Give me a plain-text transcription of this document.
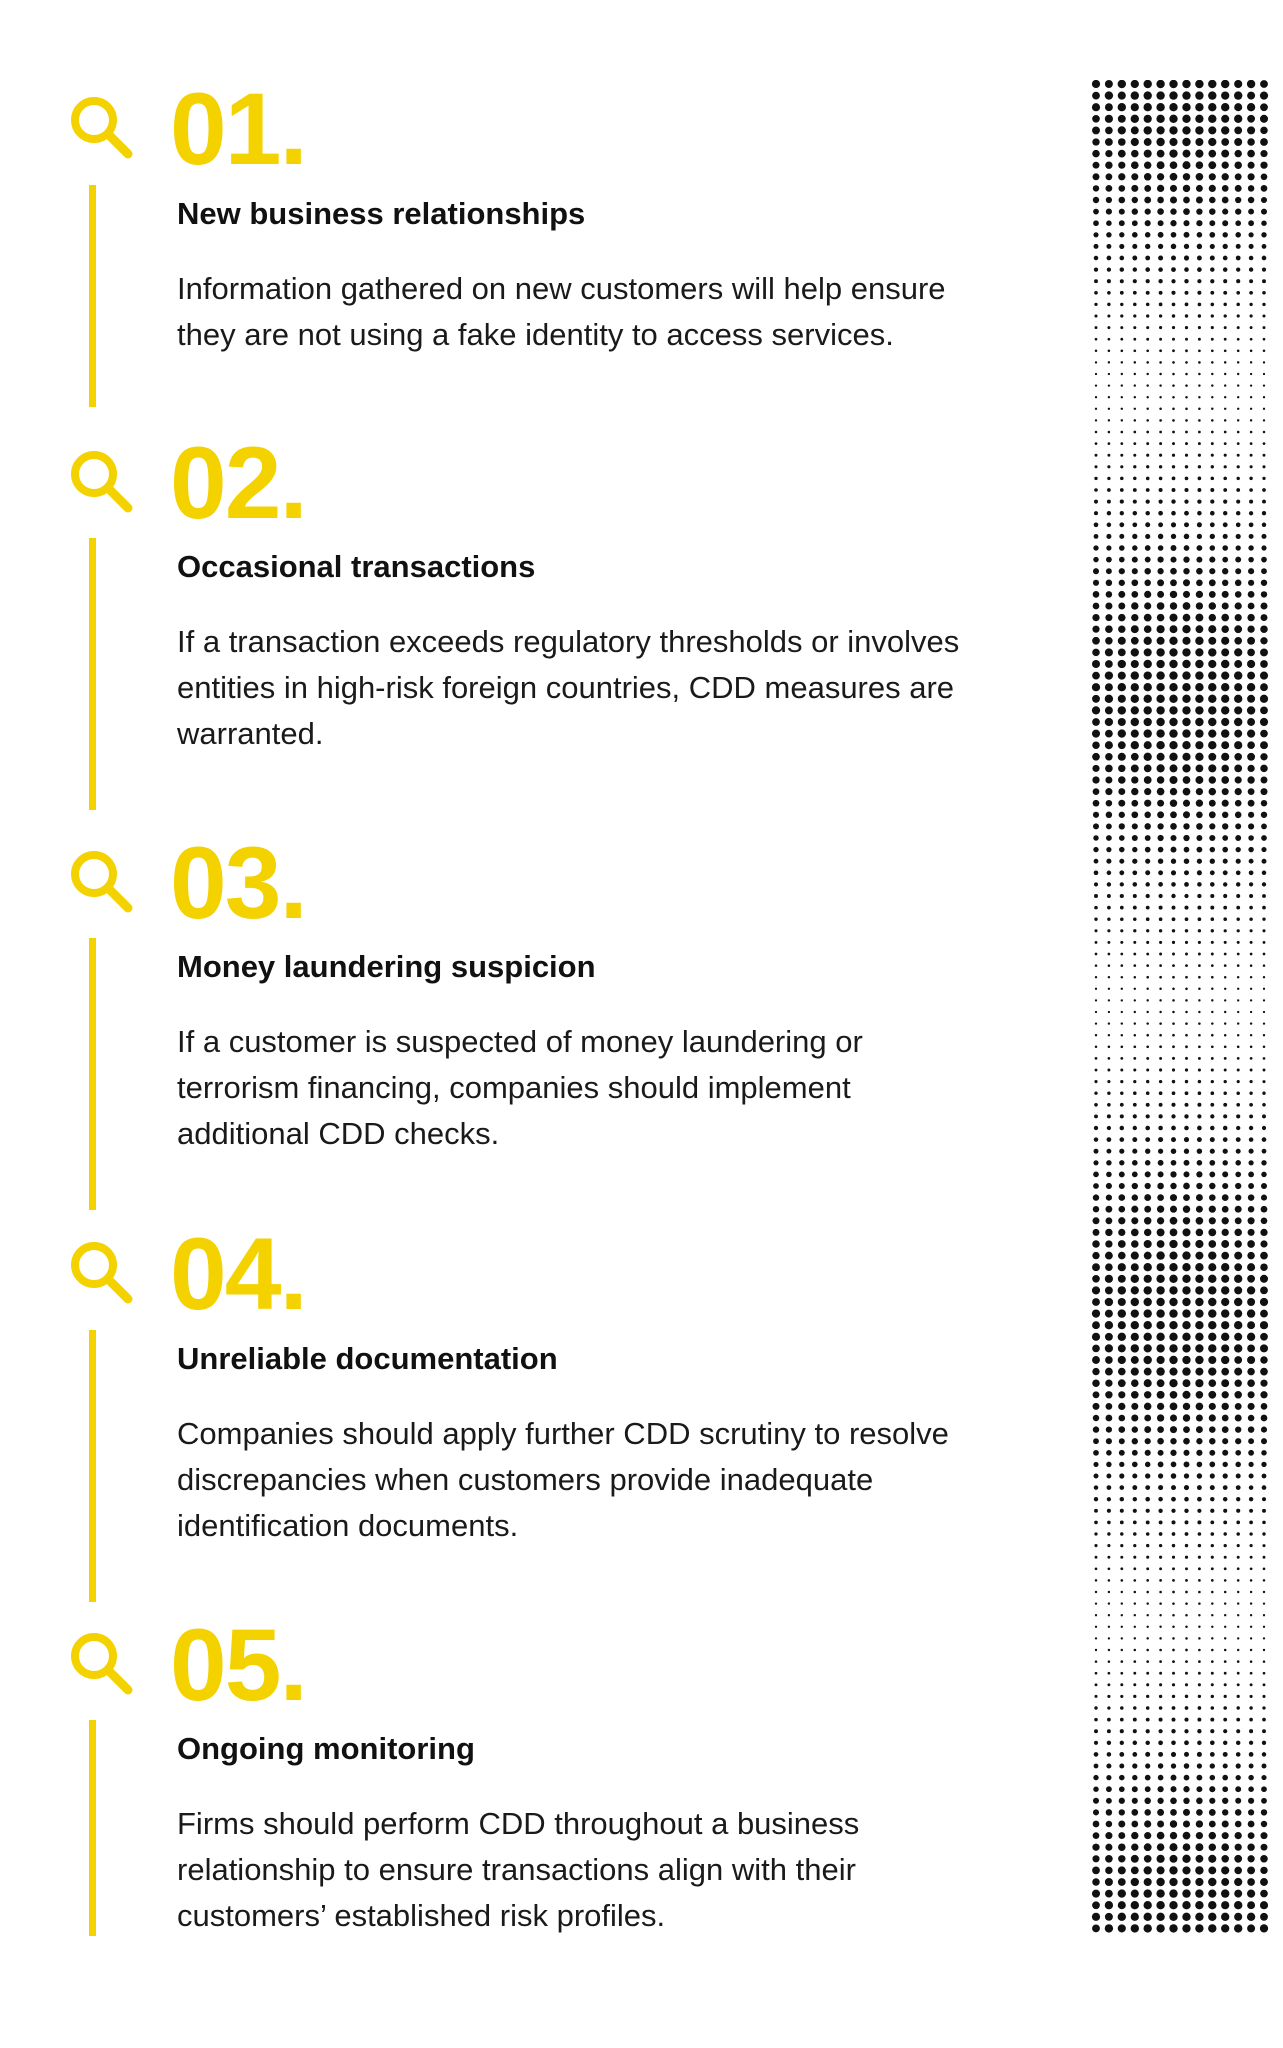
01.
New business relationships

Information gathered on new customers will help ensure they are not using a fake identity to access services.

02.
Occasional transactions

If a transaction exceeds regulatory thresholds or involves entities in high-risk foreign countries, CDD measures are warranted.

03.
Money laundering suspicion

If a customer is suspected of money laundering or terrorism financing, companies should implement additional CDD checks.

04.
Unreliable documentation

Companies should apply further CDD scrutiny to resolve discrepancies when customers provide inadequate identification documents.

05.
Ongoing monitoring

Firms should perform CDD throughout a business relationship to ensure transactions align with their customers’ established risk profiles.
